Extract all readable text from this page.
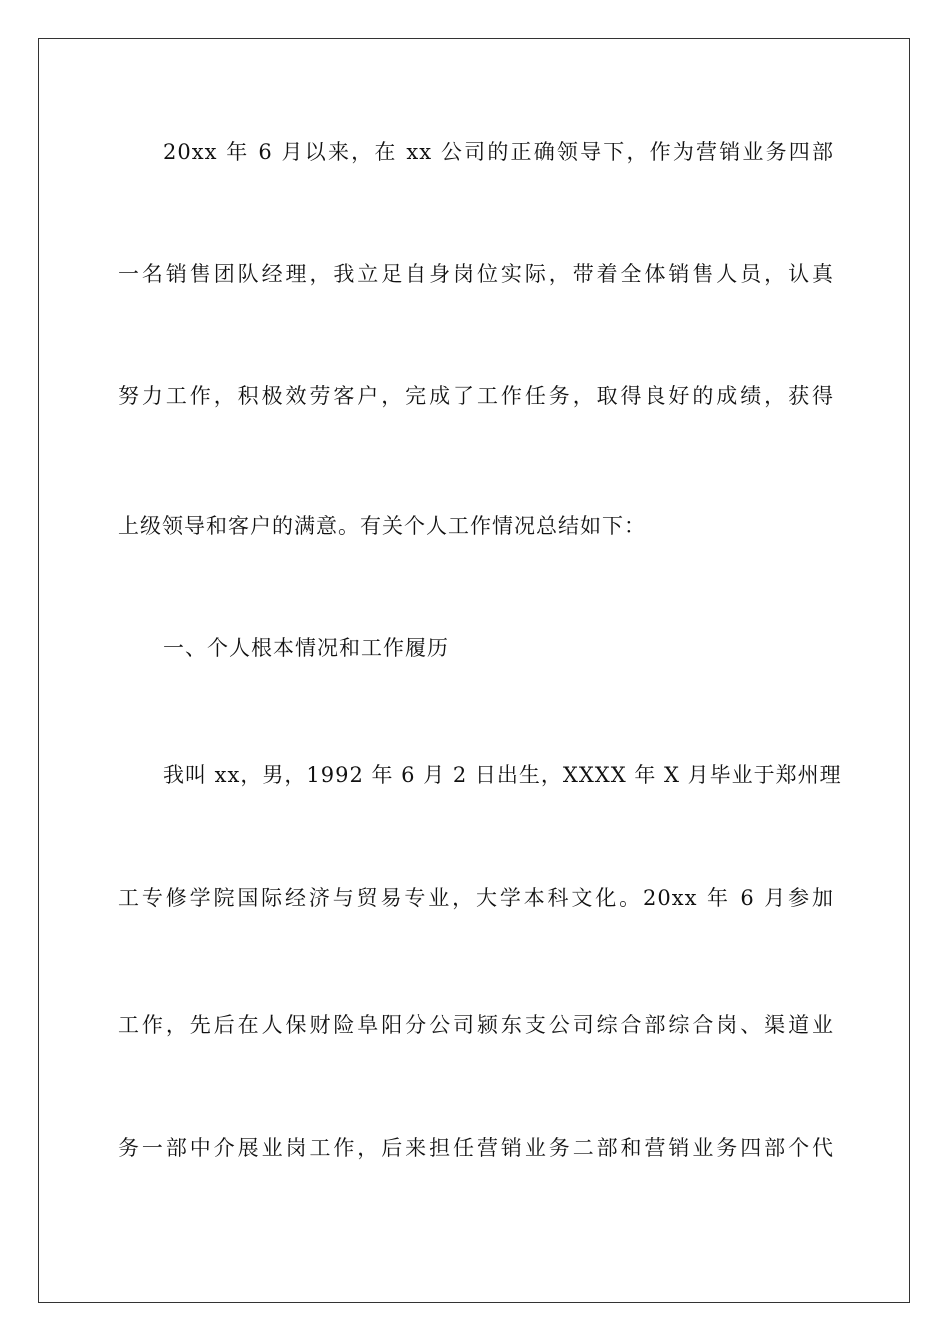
20xx 年 6 月以来，在 xx 公司的正确领导下，作为营销业务四部
一名销售团队经理，我立足自身岗位实际，带着全体销售人员，认真
努力工作，积极效劳客户，完成了工作任务，取得良好的成绩，获得
上级领导和客户的满意。有关个人工作情况总结如下：
一、个人根本情况和工作履历
我叫 xx，男，1992 年 6 月 2 日出生，XXXX 年 X 月毕业于郑州理
工专修学院国际经济与贸易专业，大学本科文化。20xx 年 6 月参加
工作，先后在人保财险阜阳分公司颍东支公司综合部综合岗、渠道业
务一部中介展业岗工作，后来担任营销业务二部和营销业务四部个代
